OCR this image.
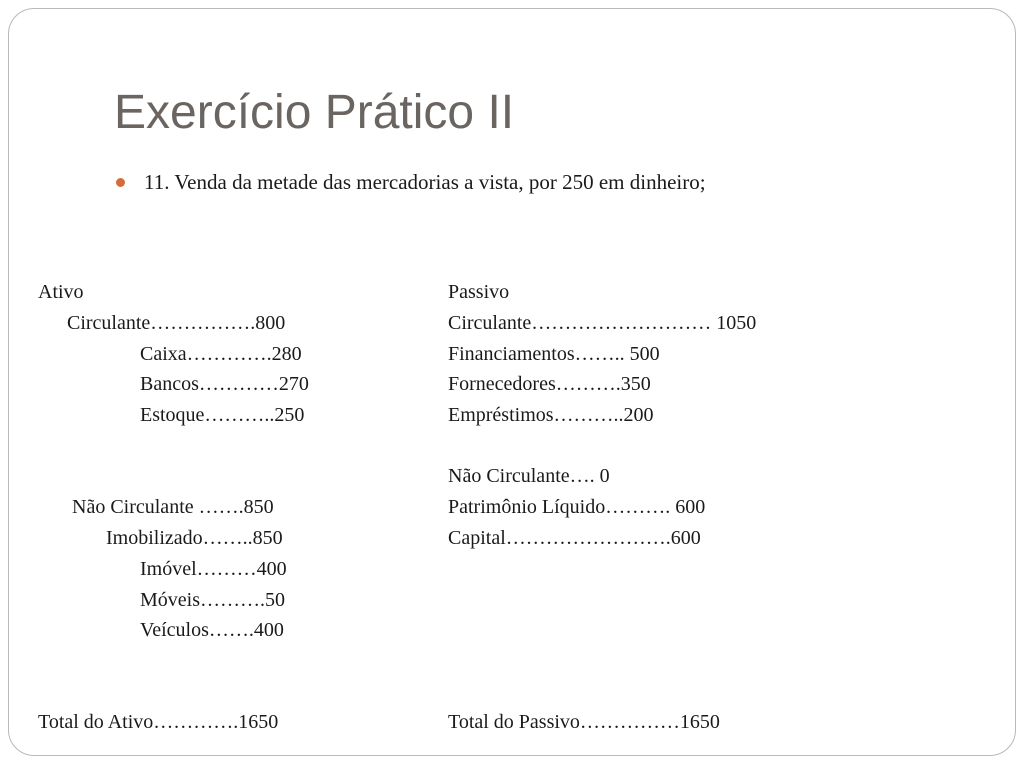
Exercício Prático II
11. Venda da metade das mercadorias a vista, por 250 em dinheiro;
Ativo
Circulante…………….800
Caixa………….280
Bancos…………270
Estoque………..250
Não Circulante …….850
Imobilizado……..850
Imóvel………400
Móveis……….50
Veículos…….400
Total do Ativo………….1650
Passivo
Circulante……………………… 1050
Financiamentos…….. 500
Fornecedores……….350
Empréstimos………..200
Não Circulante…. 0
Patrimônio Líquido………. 600
Capital…………………….600
Total do Passivo……………1650
